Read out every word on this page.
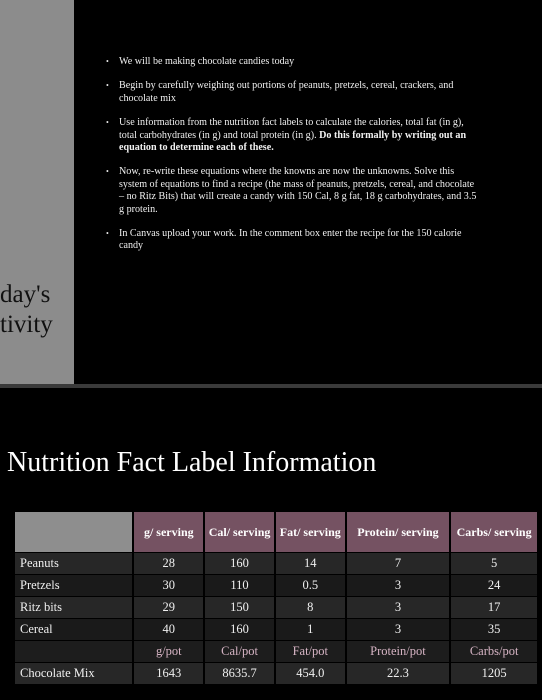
day's
tivity
• We will be making chocolate candies today
• Begin by carefully weighing out portions of peanuts, pretzels, cereal, crackers, and chocolate mix
• Use information from the nutrition fact labels to calculate the calories, total fat (in g), total carbohydrates (in g) and total protein (in g). Do this formally by writing out an equation to determine each of these.
• Now, re-write these equations where the knowns are now the unknowns. Solve this system of equations to find a recipe (the mass of peanuts, pretzels, cereal, and chocolate – no Ritz Bits) that will create a candy with 150 Cal, 8 g fat, 18 g carbohydrates, and 3.5 g protein.
• In Canvas upload your work. In the comment box enter the recipe for the 150 calorie candy
Nutrition Fact Label Information
	g/ serving	Cal/ serving	Fat/ serving	Protein/ serving	Carbs/ serving
Peanuts	28	160	14	7	5
Pretzels	30	110	0.5	3	24
Ritz bits	29	150	8	3	17
Cereal	40	160	1	3	35
	g/pot	Cal/pot	Fat/pot	Protein/pot	Carbs/pot
Chocolate Mix	1643	8635.7	454.0	22.3	1205
